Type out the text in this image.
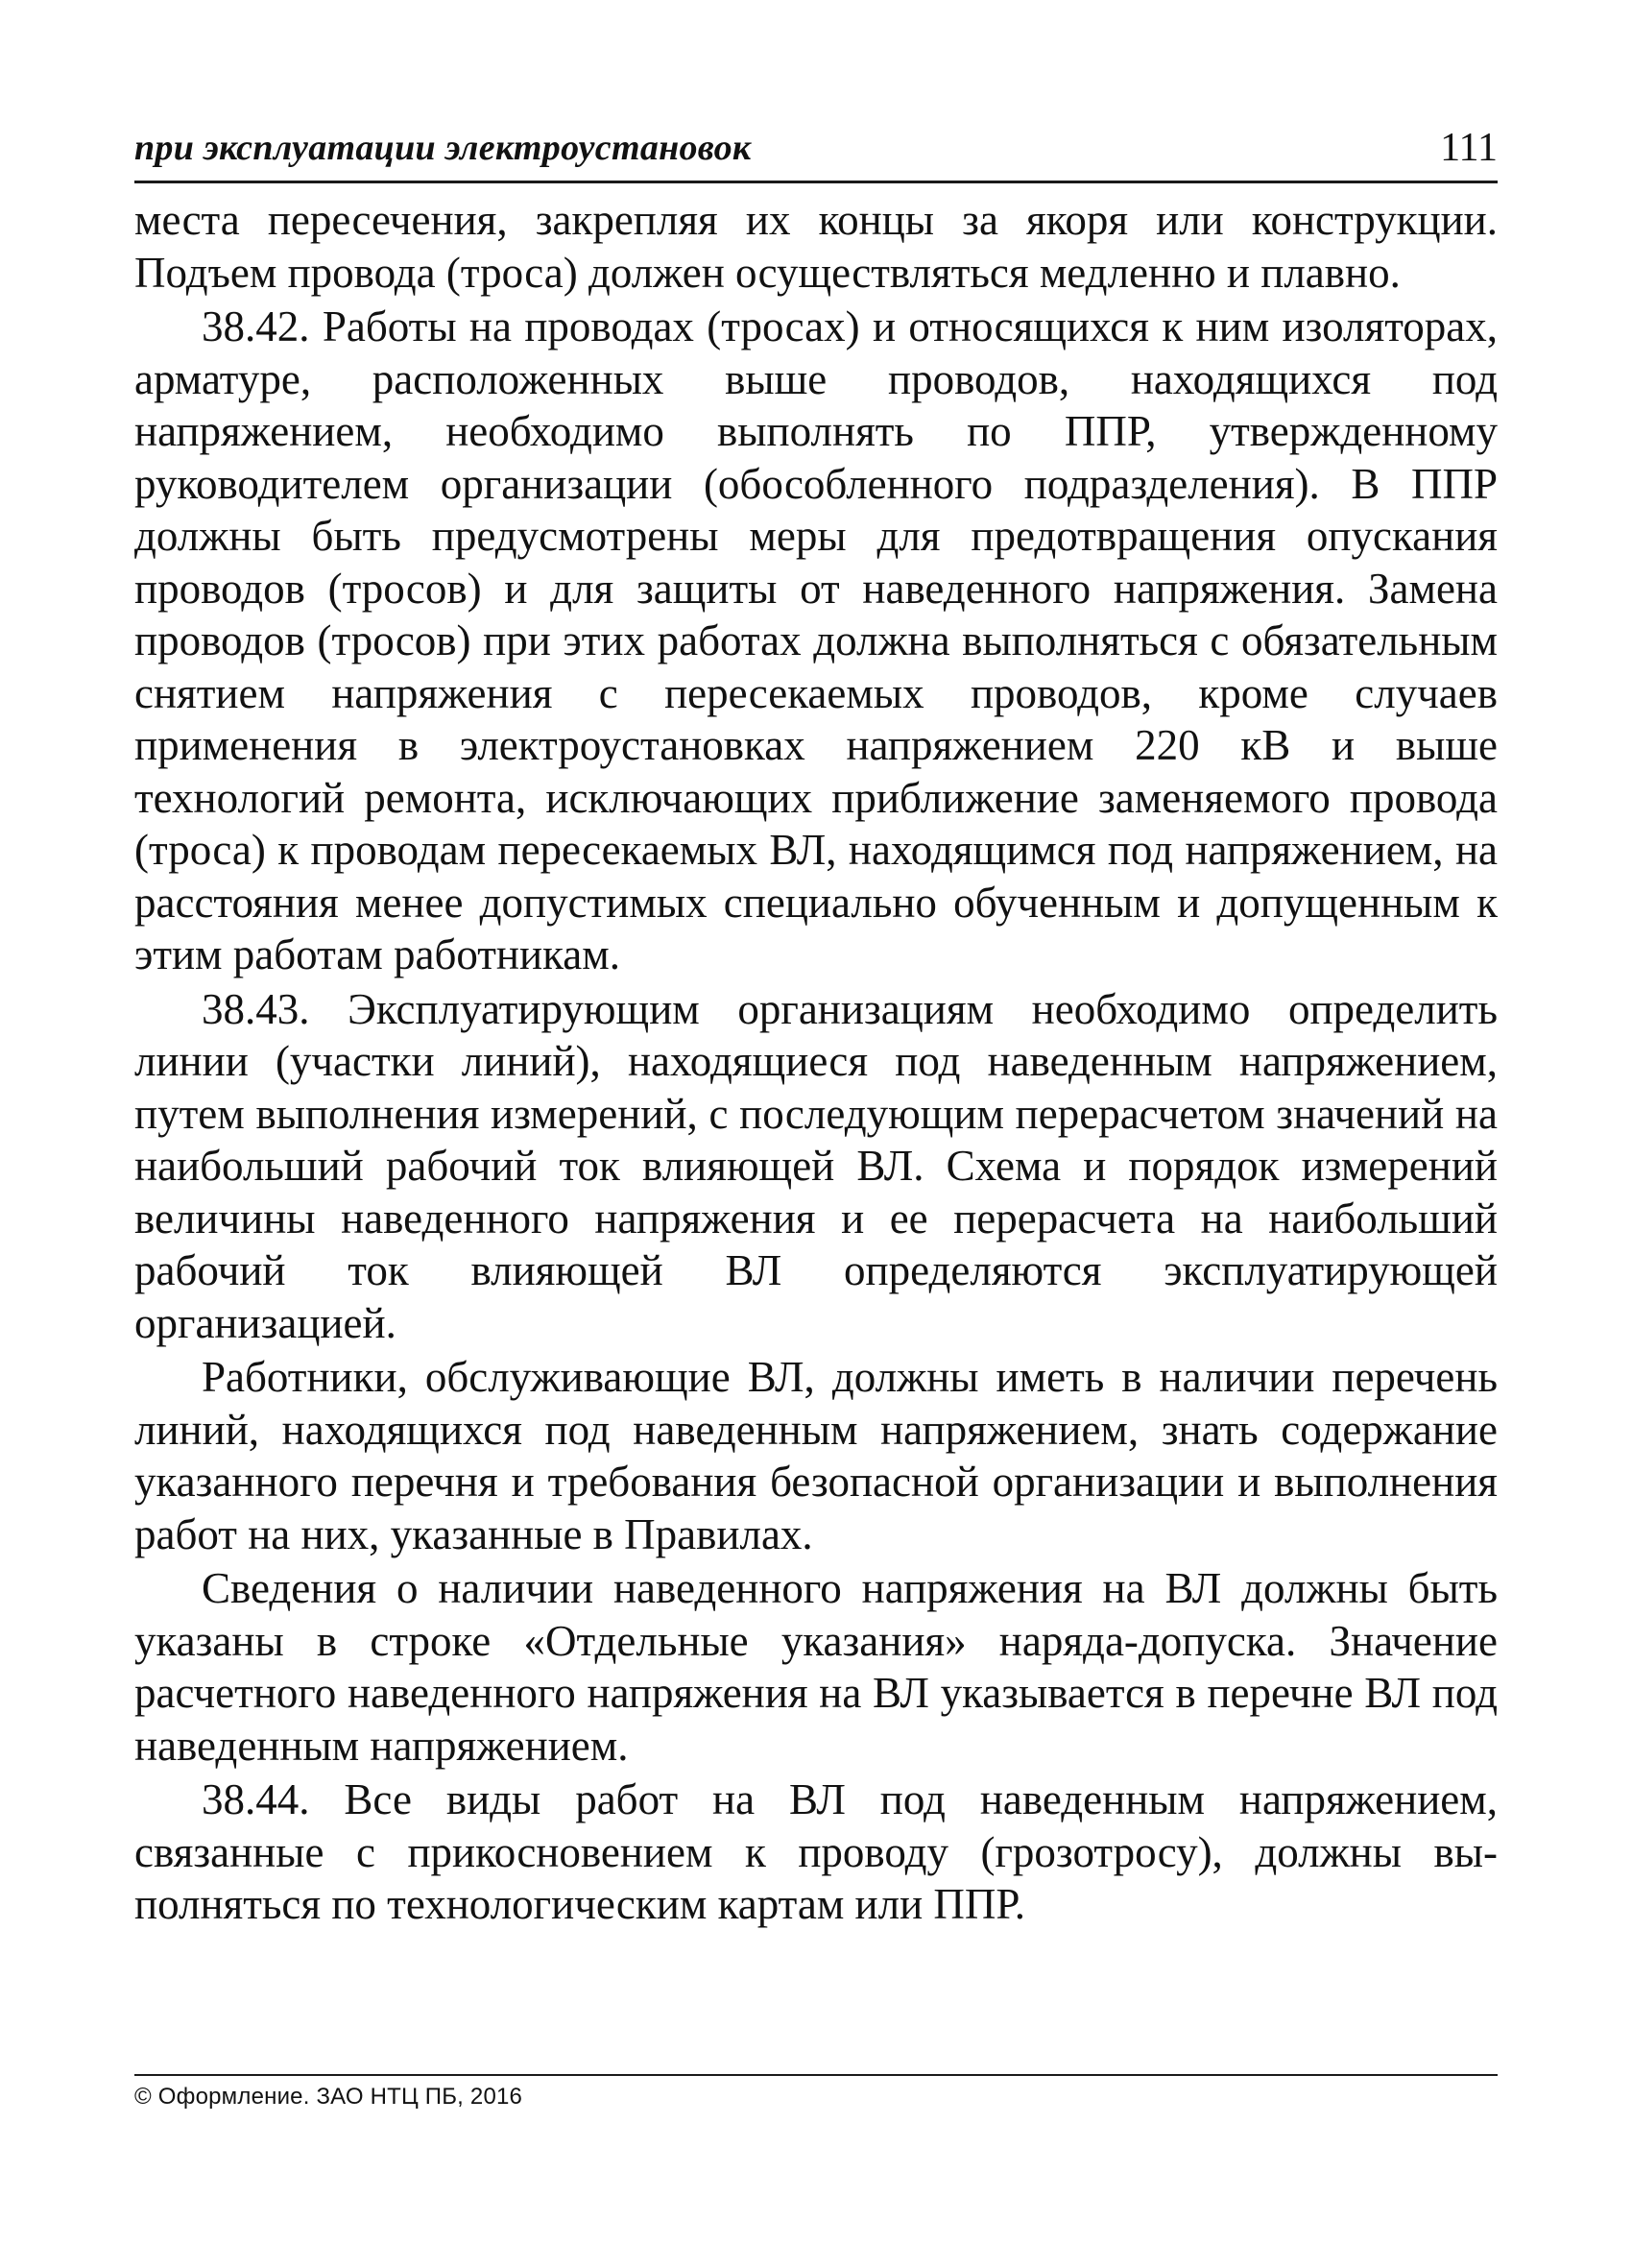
при эксплуатации электроустановок	111

места пересечения, закрепляя их концы за якоря или конструкции. Подъем провода (троса) должен осуществляться медленно и плавно.

38.42. Работы на проводах (тросах) и относящихся к ним изоляторах, арматуре, расположенных выше проводов, находящихся под напряжением, необходимо выполнять по ППР, утвержденному руководителем организации (обособленного подразделения). В ППР должны быть предусмотрены меры для предотвращения опускания проводов (тросов) и для защиты от наведенного напряжения. Замена проводов (тросов) при этих работах должна выполняться с обязательным снятием напряжения с пересекаемых проводов, кроме случаев применения в электроустановках напряжением 220 кВ и выше технологий ремонта, исключающих приближение заменяемого провода (троса) к проводам пересекаемых ВЛ, находящимся под напряжением, на расстояния менее допустимых специально обученным и допущенным к этим работам работникам.

38.43. Эксплуатирующим организациям необходимо определить линии (участки линий), находящиеся под наведенным напряжением, путем выполнения измерений, с последующим перерасчетом значений на наибольший рабочий ток влияющей ВЛ. Схема и порядок измерений величины наведенного напряжения и ее перерасчета на наибольший рабочий ток влияющей ВЛ определяются эксплуатирующей организацией.

Работники, обслуживающие ВЛ, должны иметь в наличии перечень линий, находящихся под наведенным напряжением, знать содержание указанного перечня и требования безопасной организации и выполнения работ на них, указанные в Правилах.

Сведения о наличии наведенного напряжения на ВЛ должны быть указаны в строке «Отдельные указания» наряда-допуска. Значение расчетного наведенного напряжения на ВЛ указывается в перечне ВЛ под наведенным напряжением.

38.44. Все виды работ на ВЛ под наведенным напряжением, связанные с прикосновением к проводу (грозотросу), должны выполняться по технологическим картам или ППР.

© Оформление. ЗАО НТЦ ПБ, 2016
